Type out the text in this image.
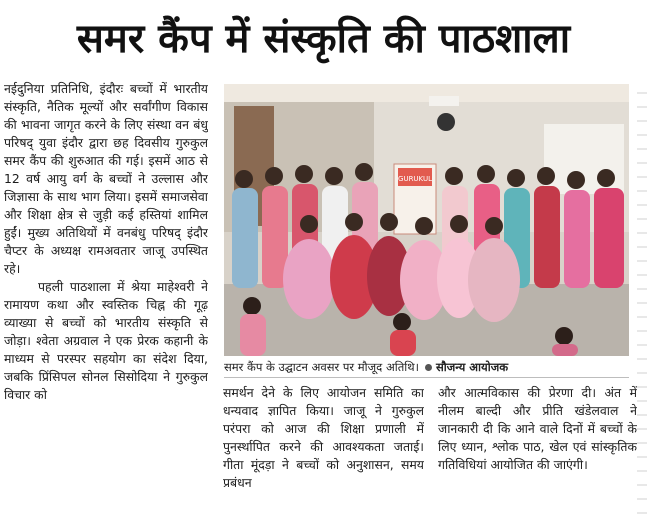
समर कैंप में संस्कृति की पाठशाला

नईदुनिया प्रतिनिधि, इंदौरः बच्चों में भारतीय संस्कृति, नैतिक मूल्यों और सर्वांगीण विकास की भावना जागृत करने के लिए संस्था वन बंधु परिषद् युवा इंदौर द्वारा छह दिवसीय गुरुकुल समर कैंप की शुरुआत की गई। इसमें आठ से 12 वर्ष आयु वर्ग के बच्चों ने उल्लास और जिज्ञासा के साथ भाग लिया। इसमें समाजसेवा और शिक्षा क्षेत्र से जुड़ी कई हस्तियां शामिल हुईं। मुख्य अतिथियों में वनबंधु परिषद् इंदौर चैप्टर के अध्यक्ष रामअवतार जाजू उपस्थित रहे।

पहली पाठशाला में श्रेया माहेश्वरी ने रामायण कथा और स्वस्तिक चिह्न की गूढ़ व्याख्या से बच्चों को भारतीय संस्कृति से जोड़ा। श्वेता अग्रवाल ने एक प्रेरक कहानी के माध्यम से परस्पर सहयोग का संदेश दिया, जबकि प्रिंसिपल सोनल सिसोदिया ने गुरुकुल विचार को

GURUKUL
समर कैंप के उद्घाटन अवसर पर मौजूद अतिथि। सौजन्य आयोजक

समर्थन देने के लिए आयोजन समिति का धन्यवाद ज्ञापित किया। जाजू ने गुरुकुल परंपरा को आज की शिक्षा प्रणाली में पुनर्स्थापित करने की आवश्यकता जताई। गीता मूंदड़ा ने बच्चों को अनुशासन, समय प्रबंधन

और आत्मविकास की प्रेरणा दी। अंत में नीलम बाल्दी और प्रीति खंडेलवाल ने जानकारी दी कि आने वाले दिनों में बच्चों के लिए ध्यान, श्लोक पाठ, खेल एवं सांस्कृतिक गतिविधियां आयोजित की जाएंगी।
